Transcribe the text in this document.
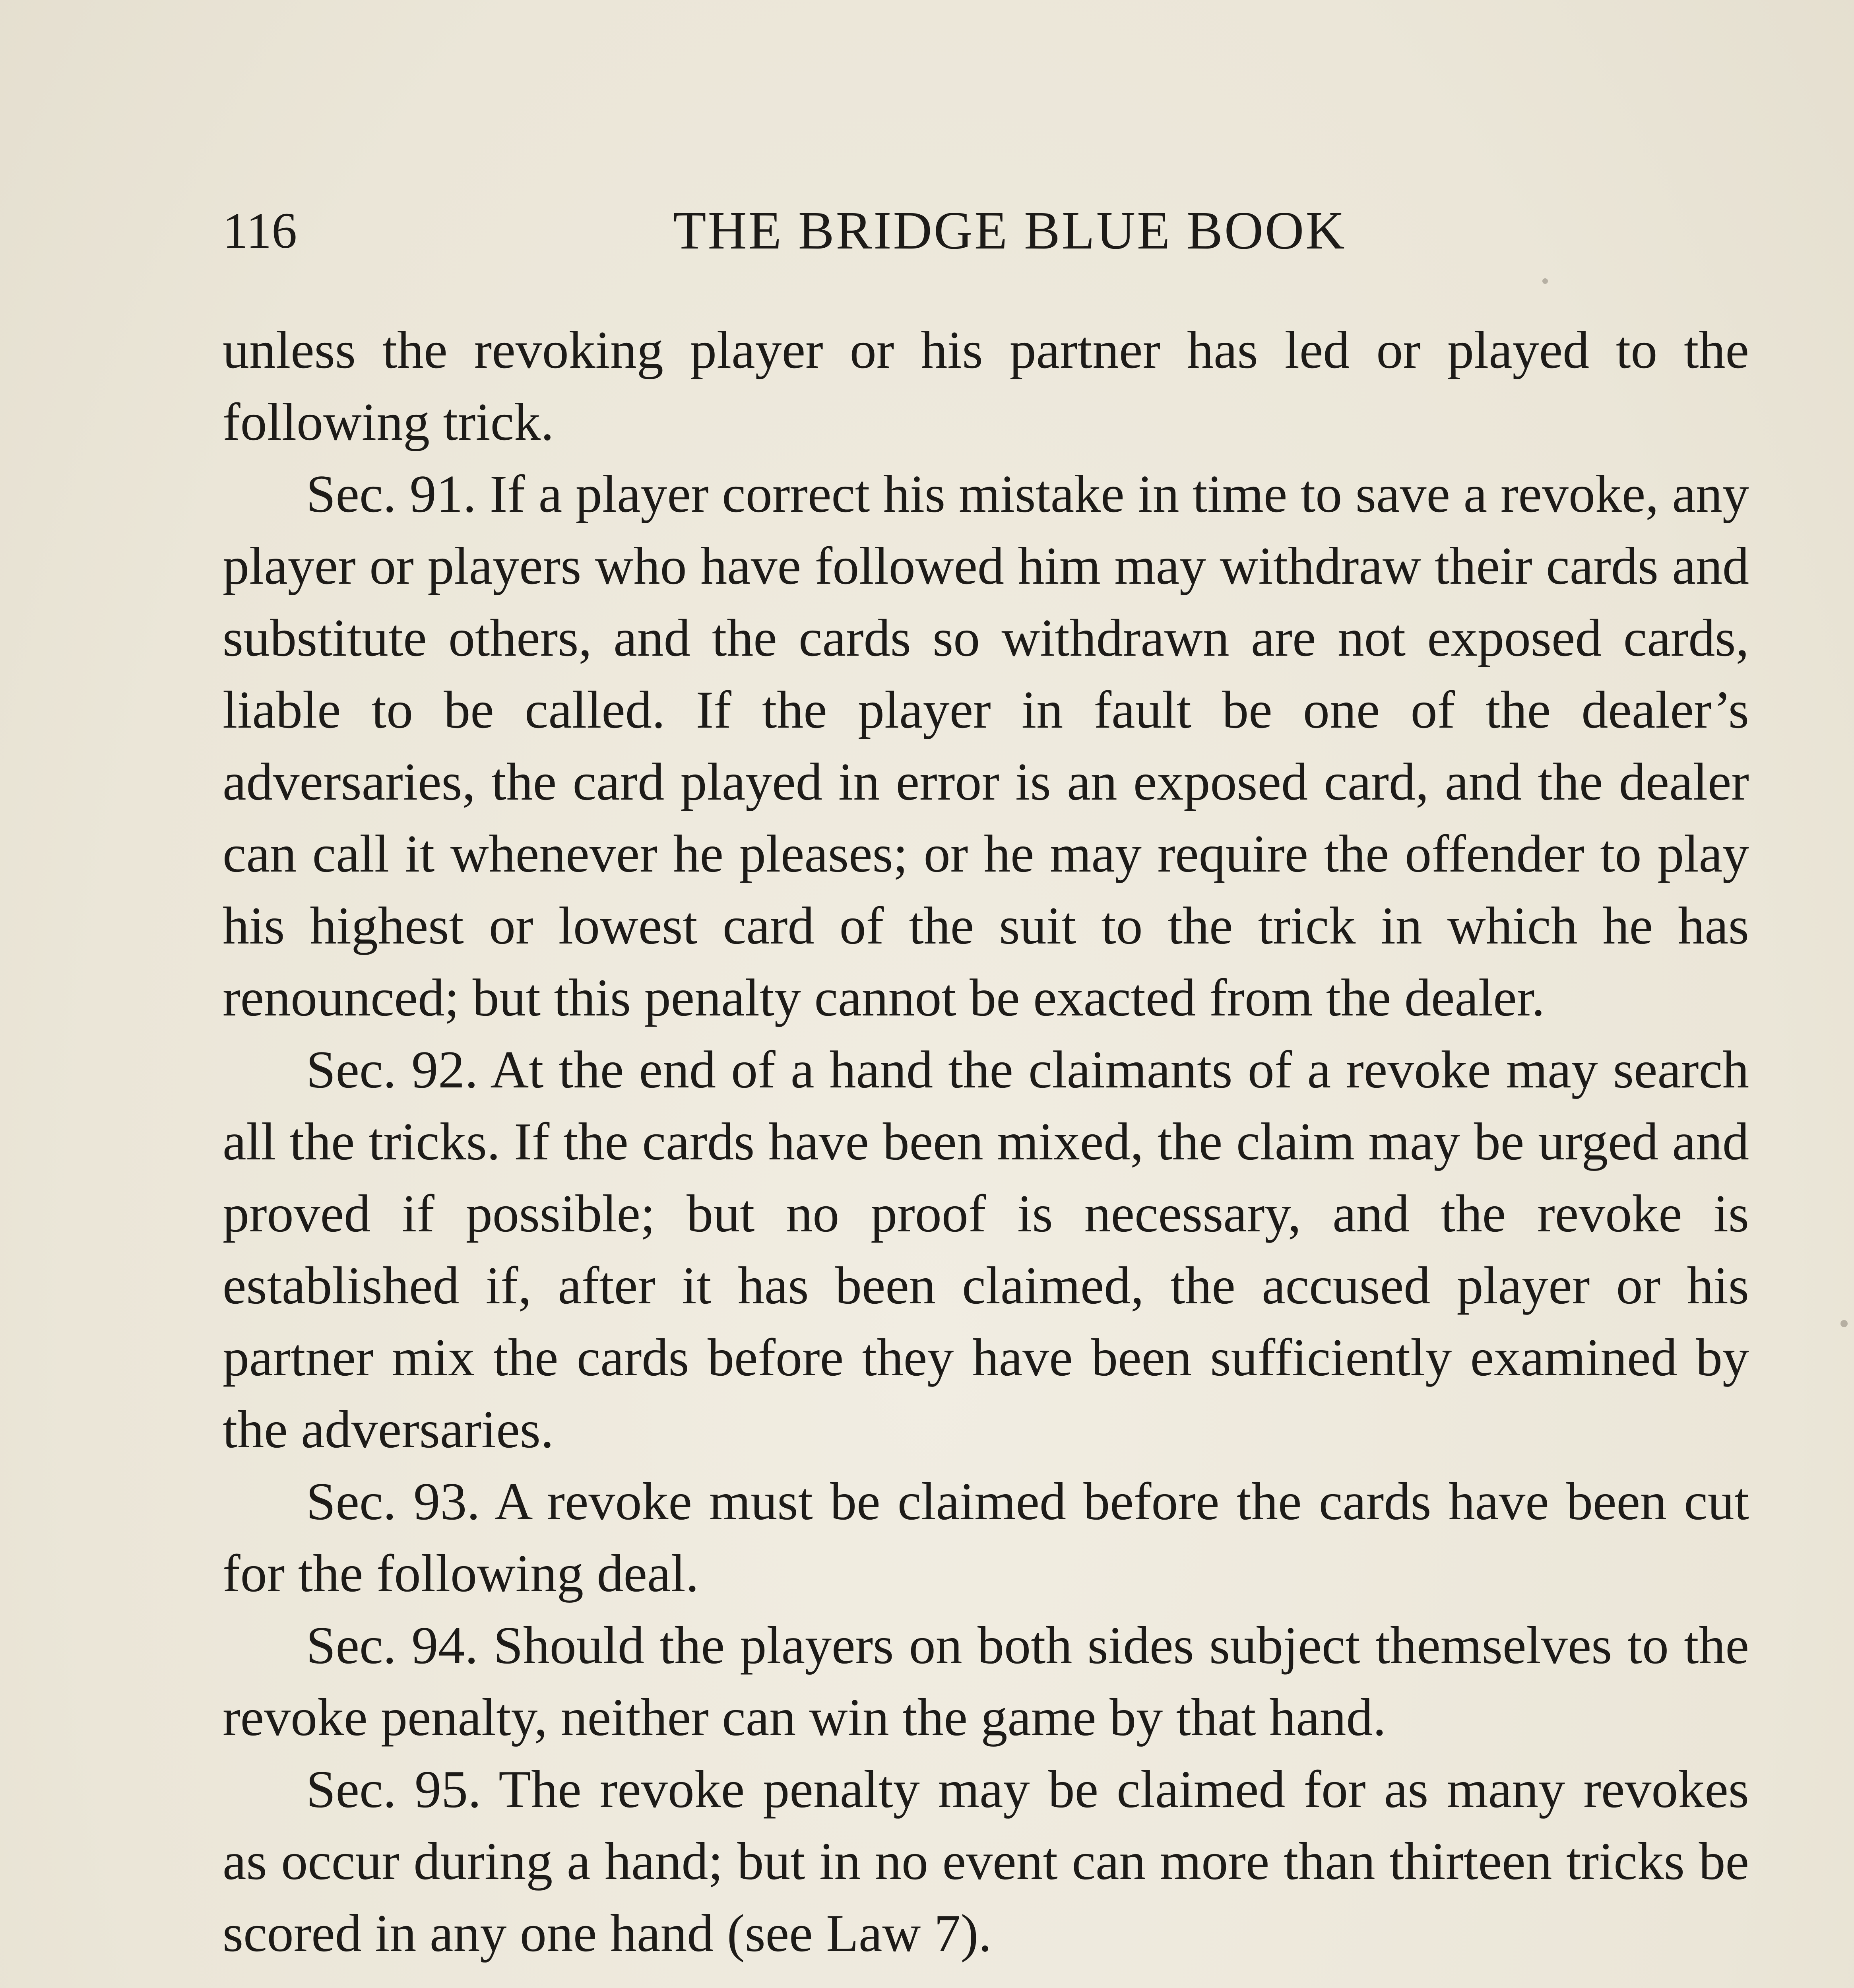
116	THE BRIDGE BLUE BOOK

unless the revoking player or his partner has led or played to the following trick.

Sec. 91. If a player correct his mistake in time to save a revoke, any player or players who have followed him may withdraw their cards and substitute others, and the cards so withdrawn are not exposed cards, liable to be called. If the player in fault be one of the dealer’s adversaries, the card played in error is an exposed card, and the dealer can call it whenever he pleases; or he may require the offender to play his highest or lowest card of the suit to the trick in which he has renounced; but this penalty cannot be exacted from the dealer.

Sec. 92. At the end of a hand the claimants of a revoke may search all the tricks. If the cards have been mixed, the claim may be urged and proved if possible; but no proof is necessary, and the revoke is established if, after it has been claimed, the accused player or his partner mix the cards before they have been sufficiently examined by the adversaries.

Sec. 93. A revoke must be claimed before the cards have been cut for the following deal.

Sec. 94. Should the players on both sides subject themselves to the revoke penalty, neither can win the game by that hand.

Sec. 95. The revoke penalty may be claimed for as many revokes as occur during a hand; but in no event can more than thirteen tricks be scored in any one hand (see Law 7).
